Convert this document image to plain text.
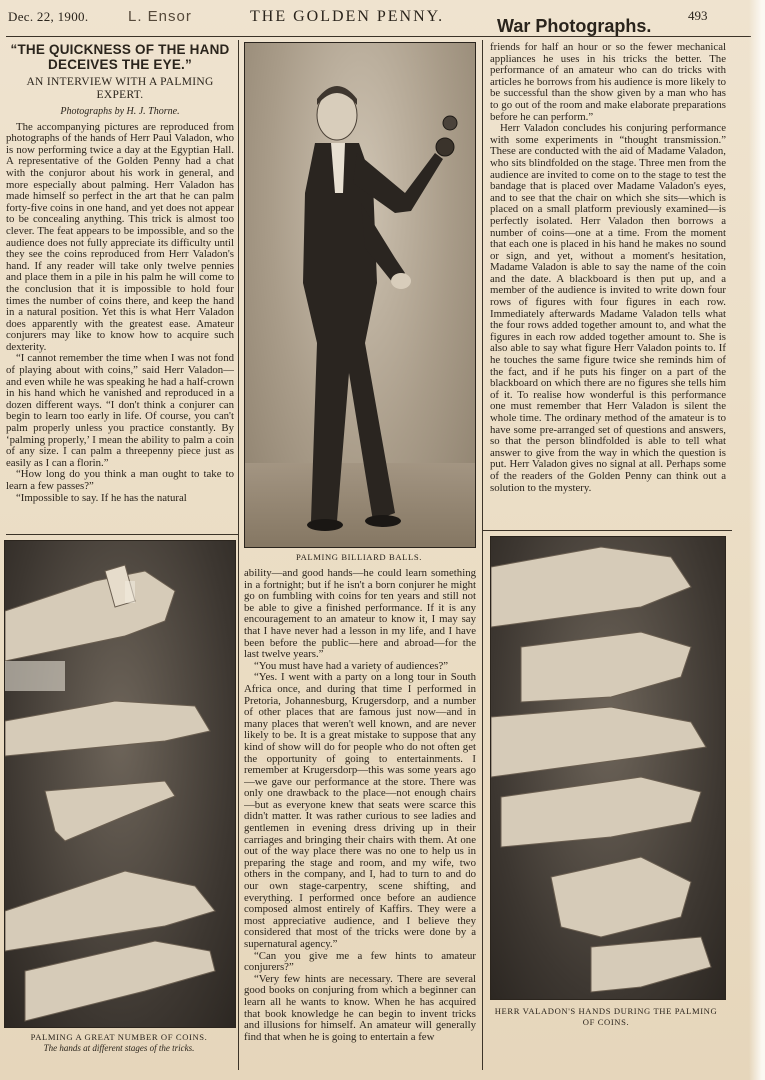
Dec. 22, 1900.	L. Ensor	THE GOLDEN PENNY.	War Photographs.
493
“THE QUICKNESS OF THE HAND DECEIVES THE EYE.”
AN INTERVIEW WITH A PALMING EXPERT.
Photographs by H. J. Thorne.

The accompanying pictures are reproduced from photographs of the hands of Herr Paul Valadon, who is now performing twice a day at the Egyptian Hall. A representative of the Golden Penny had a chat with the conjuror about his work in general, and more especially about palming. Herr Valadon has made himself so perfect in the art that he can palm forty-five coins in one hand, and yet does not appear to be concealing anything. This trick is almost too clever. The feat appears to be impossible, and so the audience does not fully appreciate its difficulty until they see the coins reproduced from Herr Valadon's hand. If any reader will take only twelve pennies and place them in a pile in his palm he will come to the conclusion that it is impossible to hold four times the number of coins there, and keep the hand in a natural position. Yet this is what Herr Valadon does apparently with the greatest ease. Amateur conjurers may like to know how to acquire such dexterity.

“I cannot remember the time when I was not fond of playing about with coins,” said Herr Valadon—and even while he was speaking he had a half-crown in his hand which he vanished and reproduced in a dozen different ways. “I don't think a conjurer can begin to learn too early in life. Of course, you can't palm properly unless you practice constantly. By ‘palming properly,’ I mean the ability to palm a coin of any size. I can palm a threepenny piece just as easily as I can a florin.”

“How long do you think a man ought to take to learn a few passes?”

“Impossible to say. If he has the natural

PALMING BILLIARD BALLS.

ability—and good hands—he could learn something in a fortnight; but if he isn't a born conjurer he might go on fumbling with coins for ten years and still not be able to give a finished performance. If it is any encouragement to an amateur to know it, I may say that I have never had a lesson in my life, and I have been before the public—here and abroad—for the last twelve years.”

“You must have had a variety of audiences?”

“Yes. I went with a party on a long tour in South Africa once, and during that time I performed in Pretoria, Johannesburg, Krugersdorp, and a number of other places that are famous just now—and in many places that weren't well known, and are never likely to be. It is a great mistake to suppose that any kind of show will do for people who do not often get the opportunity of going to entertainments. I remember at Krugersdorp—this was some years ago—we gave our performance at the store. There was only one drawback to the place—not enough chairs—but as everyone knew that seats were scarce this didn't matter. It was rather curious to see ladies and gentlemen in evening dress driving up in their carriages and bringing their chairs with them. At one out of the way place there was no one to help us in preparing the stage and room, and my wife, two others in the company, and I, had to turn to and do our own stage-carpentry, scene shifting, and everything. I performed once before an audience composed almost entirely of Kaffirs. They were a most appreciative audience, and I believe they considered that most of the tricks were done by a supernatural agency.”

“Can you give me a few hints to amateur conjurers?”

“Very few hints are necessary. There are several good books on conjuring from which a beginner can learn all he wants to know. When he has acquired that book knowledge he can begin to invent tricks and illusions for himself. An amateur will generally find that when he is going to entertain a few

friends for half an hour or so the fewer mechanical appliances he uses in his tricks the better. The performance of an amateur who can do tricks with articles he borrows from his audience is more likely to be successful than the show given by a man who has to go out of the room and make elaborate preparations before he can perform.”

Herr Valadon concludes his conjuring performance with some experiments in “thought transmission.” These are conducted with the aid of Madame Valadon, who sits blindfolded on the stage. Three men from the audience are invited to come on to the stage to test the bandage that is placed over Madame Valadon's eyes, and to see that the chair on which she sits—which is placed on a small platform previously examined—is perfectly isolated. Herr Valadon then borrows a number of coins—one at a time. From the moment that each one is placed in his hand he makes no sound or sign, and yet, without a moment's hesitation, Madame Valadon is able to say the name of the coin and the date. A blackboard is then put up, and a member of the audience is invited to write down four rows of figures with four figures in each row. Immediately afterwards Madame Valadon tells what the four rows added together amount to, and what the figures in each row added together amount to. She is also able to say what figure Herr Valadon points to. If he touches the same figure twice she reminds him of the fact, and if he puts his finger on a part of the blackboard on which there are no figures she tells him of it. To realise how wonderful is this performance one must remember that Herr Valadon is silent the whole time. The ordinary method of the amateur is to have some pre-arranged set of questions and answers, so that the person blindfolded is able to tell what answer to give from the way in which the question is put. Herr Valadon gives no signal at all. Perhaps some of the readers of the Golden Penny can think out a solution to the mystery.

PALMING A GREAT NUMBER OF COINS.
The hands at different stages of the tricks.
HERR VALADON'S HANDS DURING THE PALMING
OF COINS.
